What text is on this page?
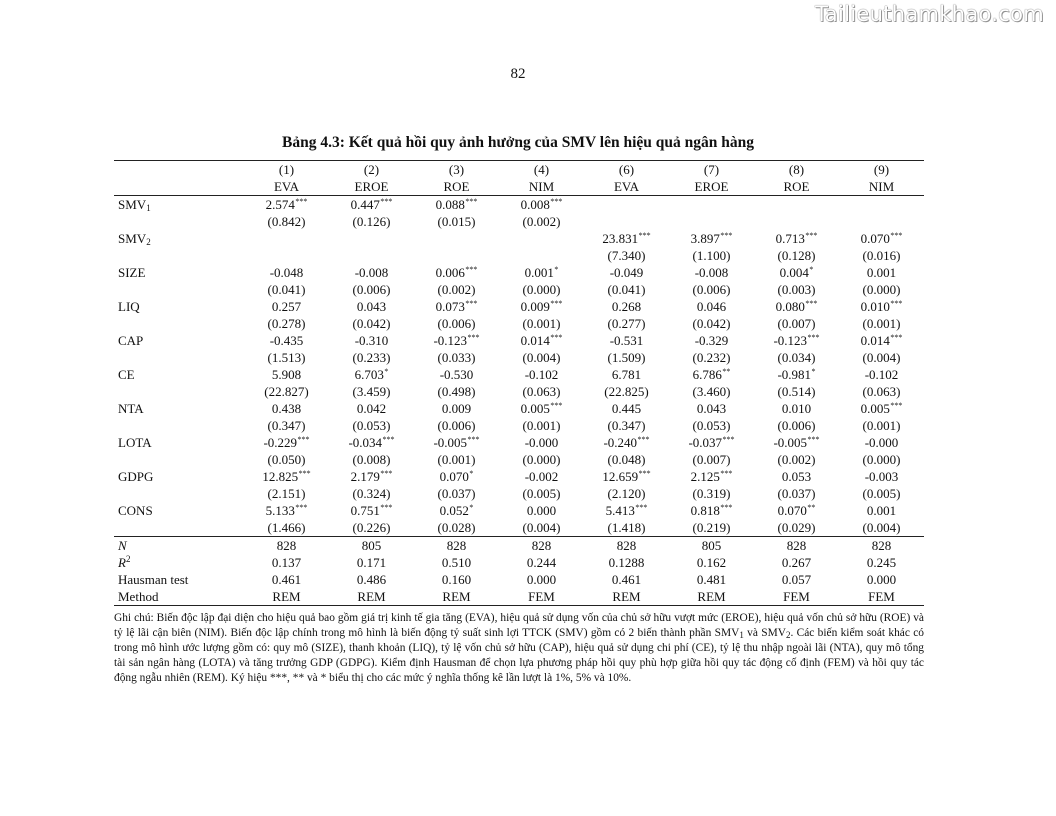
Tailieuthamkhao.com
82
Bảng 4.3: Kết quả hồi quy ảnh hưởng của SMV lên hiệu quả ngân hàng
	(1)	(2)	(3)	(4)	(6)	(7)	(8)	(9)
	EVA	EROE	ROE	NIM	EVA	EROE	ROE	NIM
$SMV_1$	2.574***	0.447***	0.088***	0.008***				
	(0.842)	(0.126)	(0.015)	(0.002)				
$SMV_2$					23.831***	3.897***	0.713***	0.070***
					(7.340)	(1.100)	(0.128)	(0.016)
SIZE	-0.048	-0.008	0.006***	0.001*	-0.049	-0.008	0.004*	0.001
	(0.041)	(0.006)	(0.002)	(0.000)	(0.041)	(0.006)	(0.003)	(0.000)
LIQ	0.257	0.043	0.073***	0.009***	0.268	0.046	0.080***	0.010***
	(0.278)	(0.042)	(0.006)	(0.001)	(0.277)	(0.042)	(0.007)	(0.001)
CAP	-0.435	-0.310	-0.123***	0.014***	-0.531	-0.329	-0.123***	0.014***
	(1.513)	(0.233)	(0.033)	(0.004)	(1.509)	(0.232)	(0.034)	(0.004)
CE	5.908	6.703*	-0.530	-0.102	6.781	6.786**	-0.981*	-0.102
	(22.827)	(3.459)	(0.498)	(0.063)	(22.825)	(3.460)	(0.514)	(0.063)
NTA	0.438	0.042	0.009	0.005***	0.445	0.043	0.010	0.005***
	(0.347)	(0.053)	(0.006)	(0.001)	(0.347)	(0.053)	(0.006)	(0.001)
LOTA	-0.229***	-0.034***	-0.005***	-0.000	-0.240***	-0.037***	-0.005***	-0.000
	(0.050)	(0.008)	(0.001)	(0.000)	(0.048)	(0.007)	(0.002)	(0.000)
GDPG	12.825***	2.179***	0.070*	-0.002	12.659***	2.125***	0.053	-0.003
	(2.151)	(0.324)	(0.037)	(0.005)	(2.120)	(0.319)	(0.037)	(0.005)
CONS	5.133***	0.751***	0.052*	0.000	5.413***	0.818***	0.070**	0.001
	(1.466)	(0.226)	(0.028)	(0.004)	(1.418)	(0.219)	(0.029)	(0.004)
N	828	805	828	828	828	805	828	828
$R^2$	0.137	0.171	0.510	0.244	0.1288	0.162	0.267	0.245
Hausman test	0.461	0.486	0.160	0.000	0.461	0.481	0.057	0.000
Method	REM	REM	REM	FEM	REM	REM	FEM	FEM

Ghi chú: Biến độc lập đại diện cho hiệu quả bao gồm giá trị kinh tế gia tăng (EVA), hiệu quả sử dụng vốn của chủ sở hữu vượt mức (EROE), hiệu quả vốn chủ sở hữu (ROE) và tỷ lệ lãi cận biên (NIM). Biến độc lập chính trong mô hình là biến động tỷ suất sinh lợi TTCK (SMV) gồm có 2 biến thành phần $SMV_1$ và $SMV_2$. Các biến kiểm soát khác có trong mô hình ước lượng gồm có: quy mô (SIZE), thanh khoản (LIQ), tỷ lệ vốn chủ sở hữu (CAP), hiệu quả sử dụng chi phí (CE), tỷ lệ thu nhập ngoài lãi (NTA), quy mô tổng tài sản ngân hàng (LOTA) và tăng trưởng GDP (GDPG). Kiểm định Hausman để chọn lựa phương pháp hồi quy phù hợp giữa hồi quy tác động cố định (FEM) và hồi quy tác động ngẫu nhiên (REM). Ký hiệu ***, ** và * biểu thị cho các mức ý nghĩa thống kê lần lượt là 1%, 5% và 10%.
